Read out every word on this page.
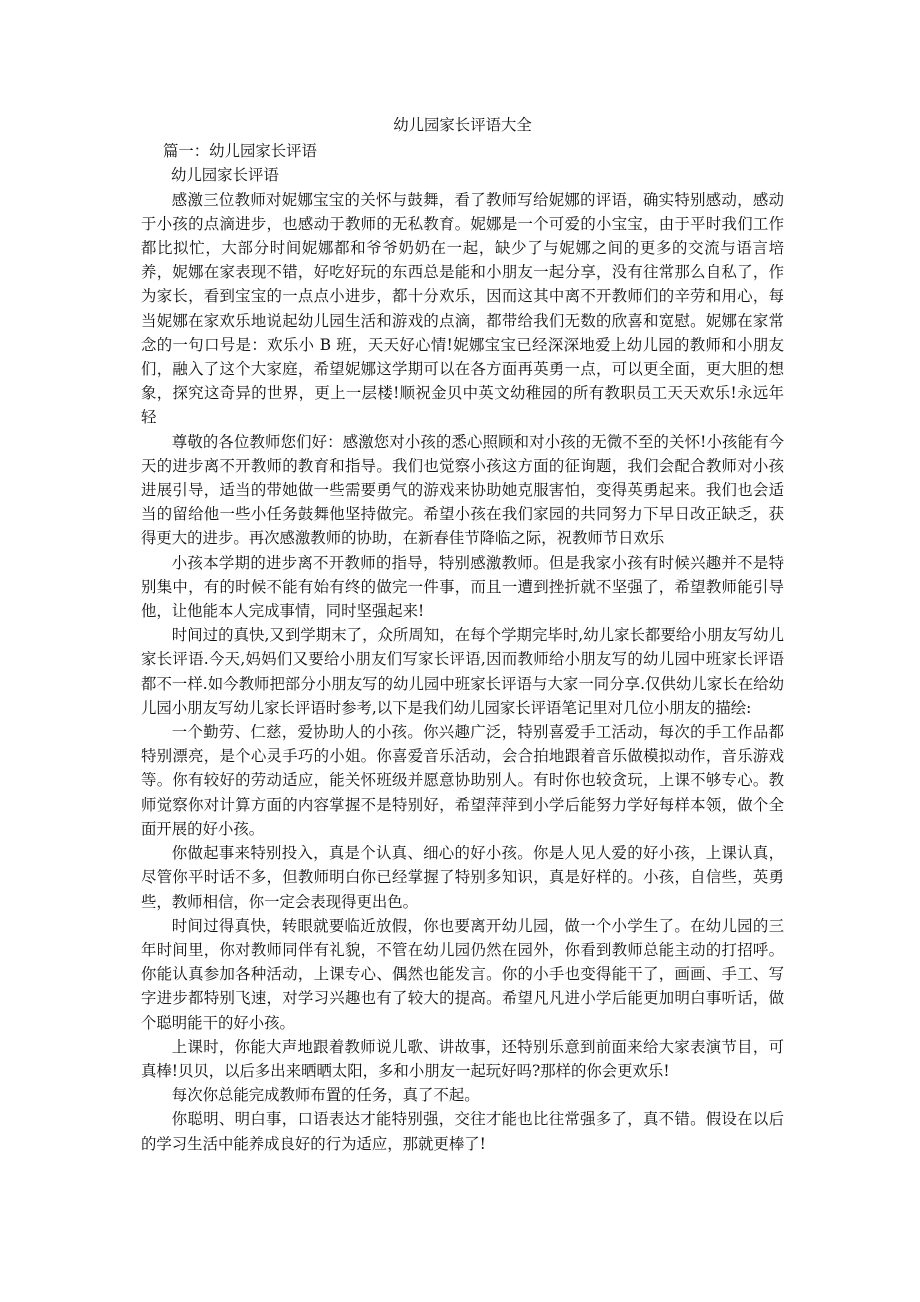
幼儿园家长评语大全
篇一：幼儿园家长评语
幼儿园家长评语

感激三位教师对妮娜宝宝的关怀与鼓舞，看了教师写给妮娜的评语，确实特别感动，感动于小孩的点滴进步，也感动于教师的无私教育。妮娜是一个可爱的小宝宝，由于平时我们工作都比拟忙，大部分时间妮娜都和爷爷奶奶在一起，缺少了与妮娜之间的更多的交流与语言培养，妮娜在家表现不错，好吃好玩的东西总是能和小朋友一起分享，没有往常那么自私了，作为家长，看到宝宝的一点点小进步，都十分欢乐，因而这其中离不开教师们的辛劳和用心，每当妮娜在家欢乐地说起幼儿园生活和游戏的点滴，都带给我们无数的欣喜和宽慰。妮娜在家常念的一句口号是：欢乐小 B 班，天天好心情!妮娜宝宝已经深深地爱上幼儿园的教师和小朋友们，融入了这个大家庭，希望妮娜这学期可以在各方面再英勇一点，可以更全面，更大胆的想象，探究这奇异的世界，更上一层楼!顺祝金贝中英文幼稚园的所有教职员工天天欢乐!永远年轻

尊敬的各位教师您们好：感激您对小孩的悉心照顾和对小孩的无微不至的关怀!小孩能有今天的进步离不开教师的教育和指导。我们也觉察小孩这方面的征询题，我们会配合教师对小孩进展引导，适当的带她做一些需要勇气的游戏来协助她克服害怕，变得英勇起来。我们也会适当的留给他一些小任务鼓舞他坚持做完。希望小孩在我们家园的共同努力下早日改正缺乏，获得更大的进步。再次感激教师的协助，在新春佳节降临之际，祝教师节日欢乐

小孩本学期的进步离不开教师的指导，特别感激教师。但是我家小孩有时候兴趣并不是特别集中，有的时候不能有始有终的做完一件事，而且一遭到挫折就不坚强了，希望教师能引导他，让他能本人完成事情，同时坚强起来!

时间过的真快,又到学期末了，众所周知，在每个学期完毕时,幼儿家长都要给小朋友写幼儿家长评语.今天,妈妈们又要给小朋友们写家长评语,因而教师给小朋友写的幼儿园中班家长评语都不一样.如今教师把部分小朋友写的幼儿园中班家长评语与大家一同分享.仅供幼儿家长在给幼儿园小朋友写幼儿家长评语时参考,以下是我们幼儿园家长评语笔记里对几位小朋友的描绘:

一个勤劳、仁慈，爱协助人的小孩。你兴趣广泛，特别喜爱手工活动，每次的手工作品都特别漂亮，是个心灵手巧的小姐。你喜爱音乐活动，会合拍地跟着音乐做模拟动作，音乐游戏等。你有较好的劳动适应，能关怀班级并愿意协助别人。有时你也较贪玩，上课不够专心。教师觉察你对计算方面的内容掌握不是特别好，希望萍萍到小学后能努力学好每样本领，做个全面开展的好小孩。

你做起事来特别投入，真是个认真、细心的好小孩。你是人见人爱的好小孩，上课认真，尽管你平时话不多，但教师明白你已经掌握了特别多知识，真是好样的。小孩，自信些，英勇些，教师相信，你一定会表现得更出色。

时间过得真快，转眼就要临近放假，你也要离开幼儿园，做一个小学生了。在幼儿园的三年时间里，你对教师同伴有礼貌，不管在幼儿园仍然在园外，你看到教师总能主动的打招呼。你能认真参加各种活动，上课专心、偶然也能发言。你的小手也变得能干了，画画、手工、写字进步都特别飞速，对学习兴趣也有了较大的提高。希望凡凡进小学后能更加明白事听话，做个聪明能干的好小孩。

上课时，你能大声地跟着教师说儿歌、讲故事，还特别乐意到前面来给大家表演节目，可真棒!贝贝，以后多出来晒晒太阳，多和小朋友一起玩好吗?那样的你会更欢乐!

每次你总能完成教师布置的任务，真了不起。

你聪明、明白事，口语表达才能特别强，交往才能也比往常强多了，真不错。假设在以后的学习生活中能养成良好的行为适应，那就更棒了!
